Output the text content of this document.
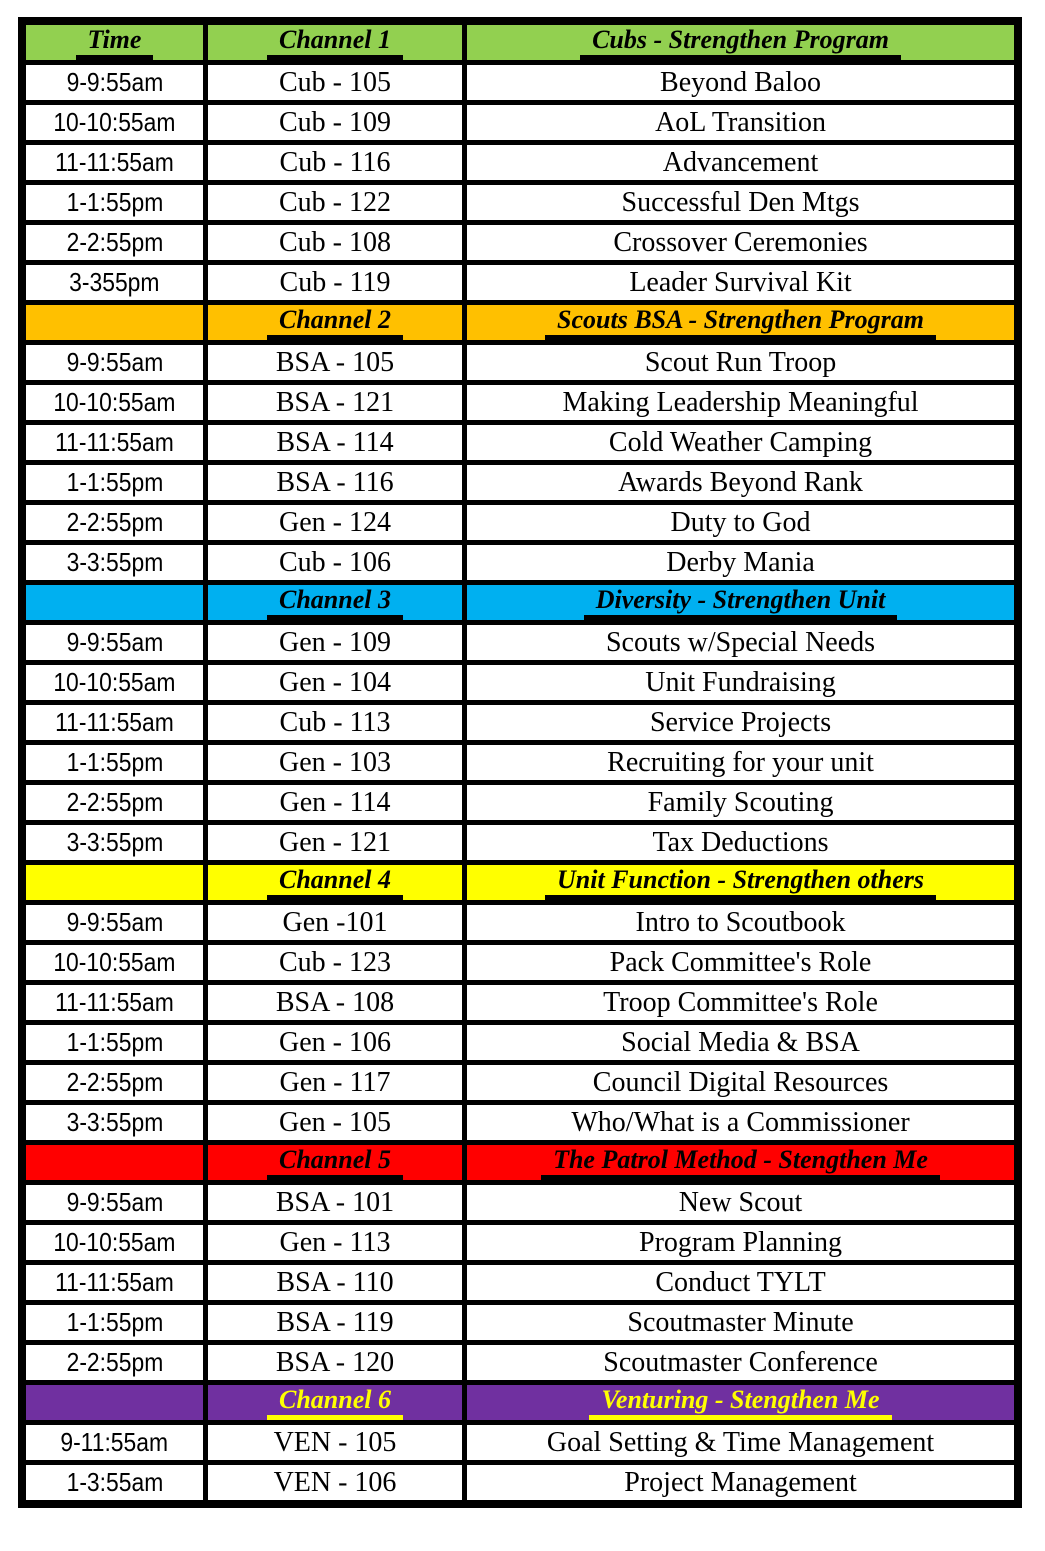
Time	Channel 1	Cubs - Strengthen Program
9-9:55am	Cub - 105	Beyond Baloo
10-10:55am	Cub - 109	AoL Transition
11-11:55am	Cub - 116	Advancement
1-1:55pm	Cub - 122	Successful Den Mtgs
2-2:55pm	Cub - 108	Crossover Ceremonies
3-355pm	Cub - 119	Leader Survival Kit
	Channel 2	Scouts BSA - Strengthen Program
9-9:55am	BSA - 105	Scout Run Troop
10-10:55am	BSA - 121	Making Leadership Meaningful
11-11:55am	BSA - 114	Cold Weather Camping
1-1:55pm	BSA - 116	Awards Beyond Rank
2-2:55pm	Gen - 124	Duty to God
3-3:55pm	Cub - 106	Derby Mania
	Channel 3	Diversity - Strengthen Unit
9-9:55am	Gen - 109	Scouts w/Special Needs
10-10:55am	Gen - 104	Unit Fundraising
11-11:55am	Cub - 113	Service Projects
1-1:55pm	Gen - 103	Recruiting for your unit
2-2:55pm	Gen - 114	Family Scouting
3-3:55pm	Gen - 121	Tax Deductions
	Channel 4	Unit Function - Strengthen others
9-9:55am	Gen -101	Intro to Scoutbook
10-10:55am	Cub - 123	Pack Committee's Role
11-11:55am	BSA - 108	Troop Committee's Role
1-1:55pm	Gen - 106	Social Media & BSA
2-2:55pm	Gen - 117	Council Digital Resources
3-3:55pm	Gen - 105	Who/What is a Commissioner
	Channel 5	The Patrol Method - Stengthen Me
9-9:55am	BSA - 101	New Scout
10-10:55am	Gen - 113	Program Planning
11-11:55am	BSA - 110	Conduct TYLT
1-1:55pm	BSA - 119	Scoutmaster Minute
2-2:55pm	BSA - 120	Scoutmaster Conference
	Channel 6	Venturing - Stengthen Me
9-11:55am	VEN - 105	Goal Setting & Time Management
1-3:55am	VEN - 106	Project Management
